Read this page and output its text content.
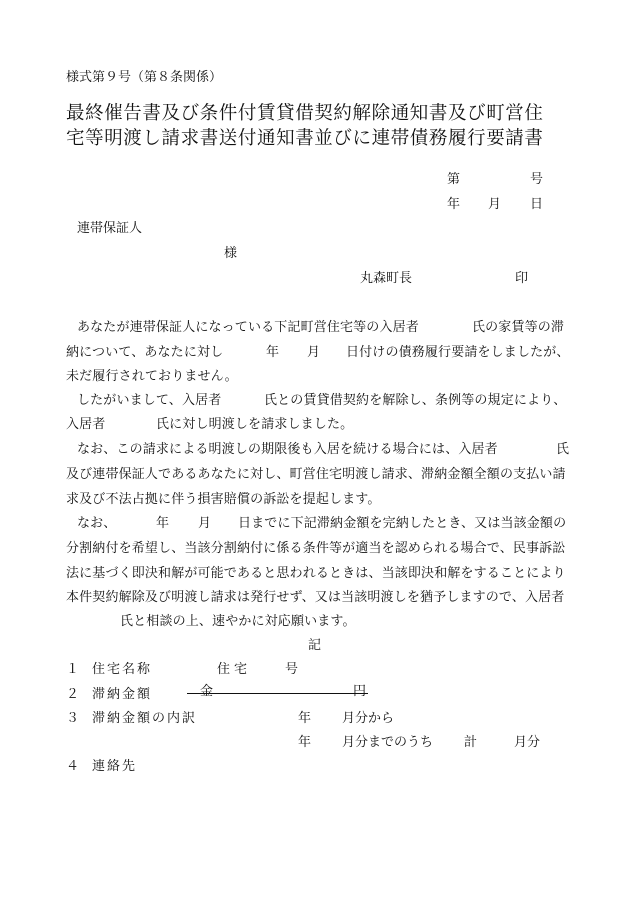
様式第９号（第８条関係）
最終催告書及び条件付賃貸借契約解除通知書及び町営住
宅等明渡し請求書送付通知書並びに連帯債務履行要請書
第	号
年 月 日
連帯保証人
様
丸森町長	印
あなたが連帯保証人になっている下記町営住宅等の入居者	氏の家賃等の滞
納について、あなたに対し	年 月 日付けの債務履行要請をしましたが、
未だ履行されておりません。
したがいまして、入居者	氏との賃貸借契約を解除し、条例等の規定により、
入居者	氏に対し明渡しを請求しました。
なお、この請求による明渡しの期限後も入居を続ける場合には、入居者	氏
及び連帯保証人であるあなたに対し、町営住宅明渡し請求、滞納金額全額の支払い請
求及び不法占拠に伴う損害賠償の訴訟を提起します。
なお、	年 月 日までに下記滞納金額を完納したとき、又は当該金額の
分割納付を希望し、当該分割納付に係る条件等が適当を認められる場合で、民事訴訟
法に基づく即決和解が可能であると思われるときは、当該即決和解をすることにより
本件契約解除及び明渡し請求は発行せず、又は当該明渡しを猶予しますので、入居者
氏と相談の上、速やかに対応願います。
記
１ 住宅名称	住宅	号
２ 滞納金額	金	円
３ 滞納金額の内訳	年 月分から
年 月分までのうち 計	月分
４ 連絡先
